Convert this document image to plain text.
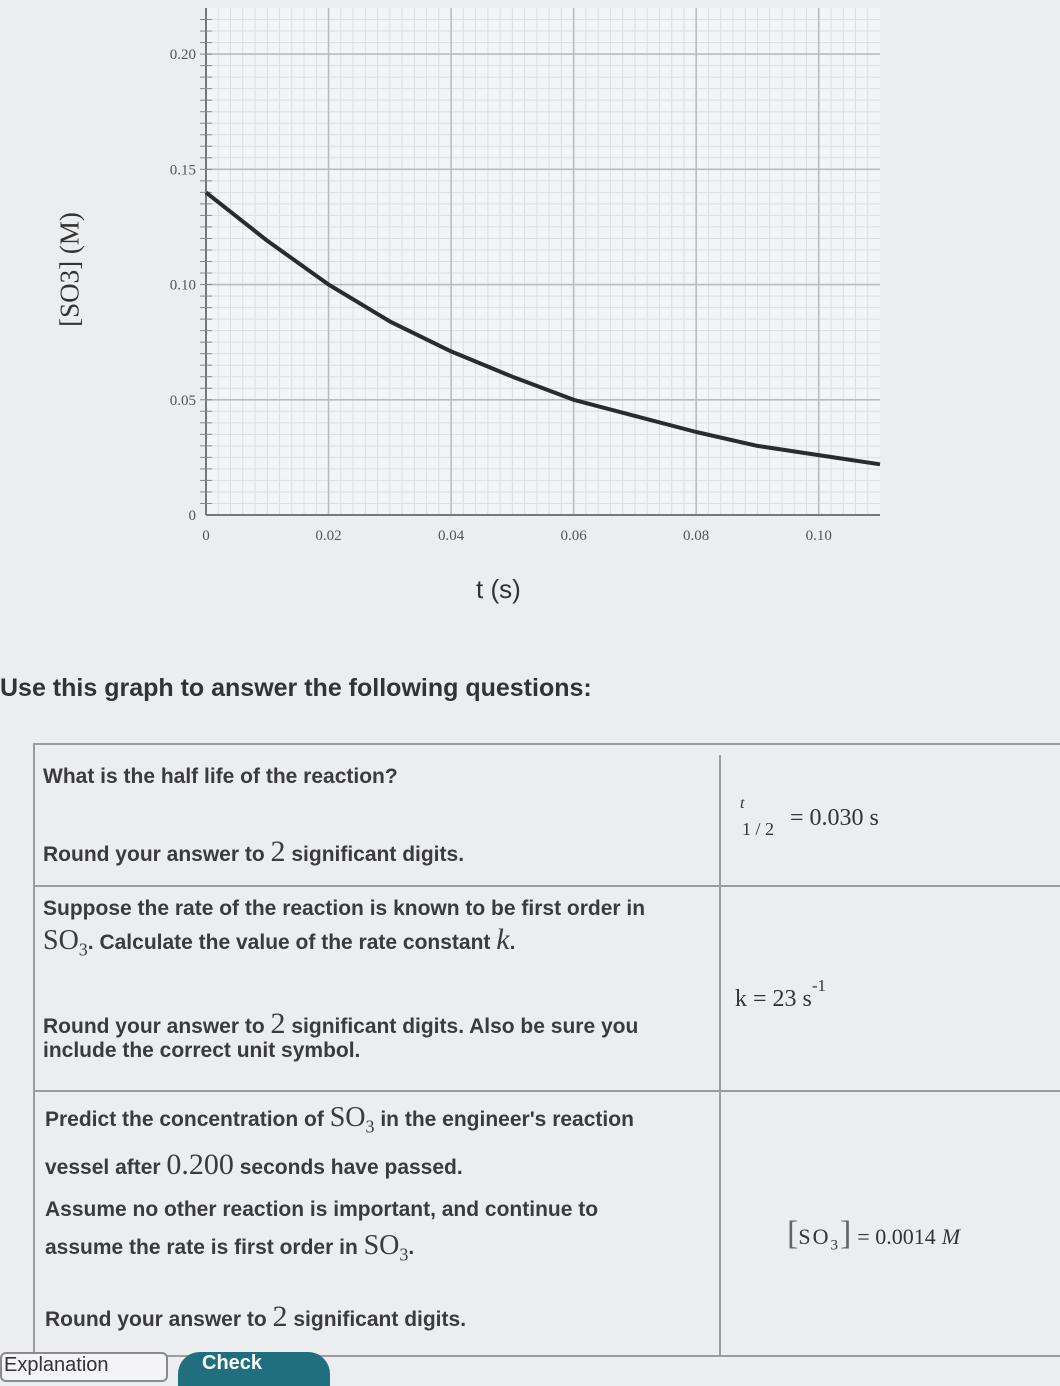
0	0.02	0.04	0.06	0.08	0.10
0
0.05
0.10
0.15
0.20
[SO3] (M)
t (s)
Use this graph to answer the following questions:
What is the half life of the reaction?
Round your answer to 2 significant digits.
t
$_{1 / 2}$ = 0.030 s
Suppose the rate of the reaction is known to be first order in
$SO_3$. Calculate the value of the rate constant k.
Round your answer to 2 significant digits. Also be sure you
include the correct unit symbol.
k = 23 $s^{-1}$
Predict the concentration of $SO_3$ in the engineer's reaction
vessel after 0.200 seconds have passed.
Assume no other reaction is important, and continue to
assume the rate is first order in $SO_3$.
Round your answer to 2 significant digits.
$[SO_3] = 0.0014$ M
Explanation	Check
